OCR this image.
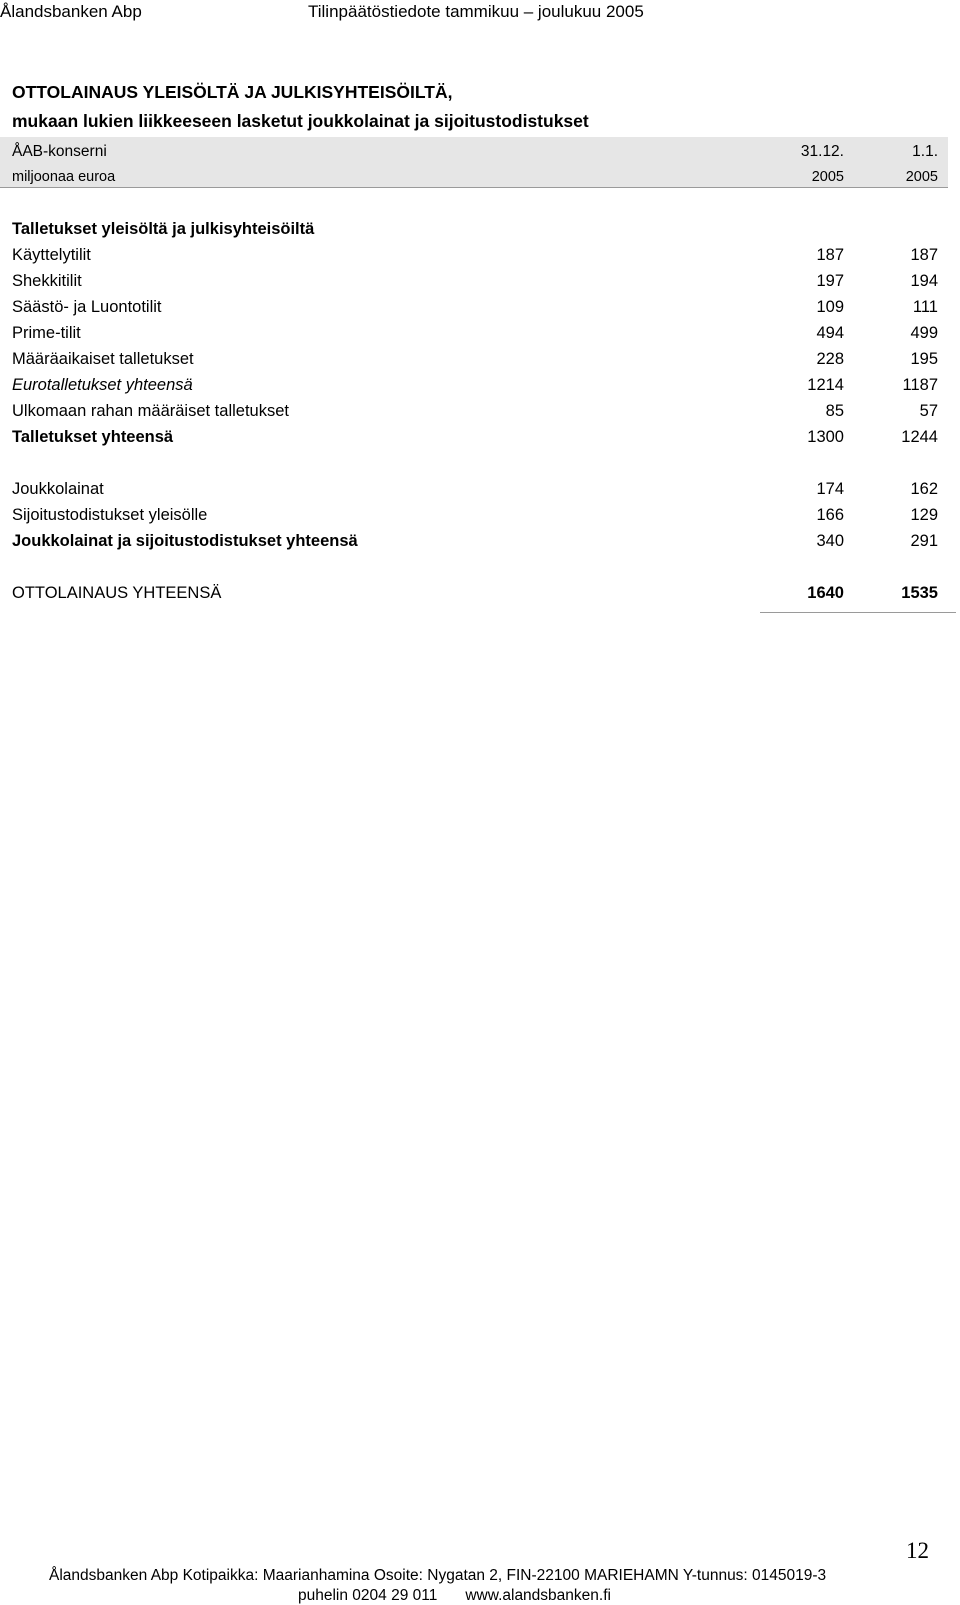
Ålandsbanken Abp	Tilinpäätöstiedote tammikuu – joulukuu 2005
OTTOLAINAUS YLEISÖLTÄ JA JULKISYHTEISÖILTÄ,
mukaan lukien liikkeeseen lasketut joukkolainat ja sijoitustodistukset
ÅAB-konserni	31.12.	1.1.
miljoonaa euroa	2005	2005
Talletukset yleisöltä ja julkisyhteisöiltä
Käyttelytilit	187	187
Shekkitilit	197	194
Säästö- ja Luontotilit	109	111
Prime-tilit	494	499
Määräaikaiset talletukset	228	195
Eurotalletukset yhteensä	1214	1187
Ulkomaan rahan määräiset talletukset	85	57
Talletukset yhteensä	1300	1244
Joukkolainat	174	162
Sijoitustodistukset yleisölle	166	129
Joukkolainat ja sijoitustodistukset yhteensä	340	291
OTTOLAINAUS YHTEENSÄ	1640	1535
12
Ålandsbanken Abp Kotipaikka: Maarianhamina Osoite: Nygatan 2, FIN-22100 MARIEHAMN Y-tunnus: 0145019-3
puhelin 0204 29 011 www.alandsbanken.fi
